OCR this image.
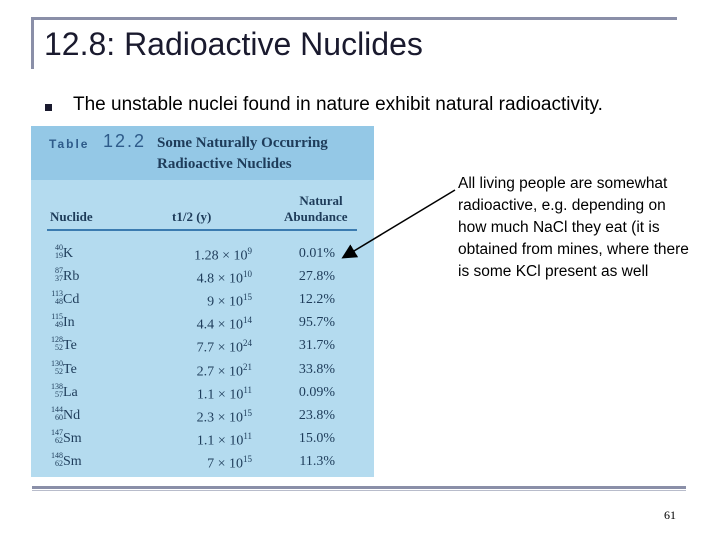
12.8: Radioactive Nuclides
The unstable nuclei found in nature exhibit natural radioactivity.
Table 12.2 Some Naturally Occurring
Radioactive Nuclides
Nuclide	t1/2 (y)
Natural
Abundance
40
19 K	$1.28 \times 10^9$	0.01%
87
37 Rb	$4.8 \times 10^{10}$	27.8%
113
48 Cd	$9 \times 10^{15}$	12.2%
115
49 In	$4.4 \times 10^{14}$	95.7%
128
52 Te	$7.7 \times 10^{24}$	31.7%
130
52 Te	$2.7 \times 10^{21}$	33.8%
138
57 La	$1.1 \times 10^{11}$	0.09%
144
60 Nd	$2.3 \times 10^{15}$	23.8%
147
62 Sm	$1.1 \times 10^{11}$	15.0%
148
62 Sm	$7 \times 10^{15}$	11.3%
All living people are somewhat radioactive, e.g. depending on how much NaCl they eat (it is obtained from mines, where there is some KCl present as well
61
